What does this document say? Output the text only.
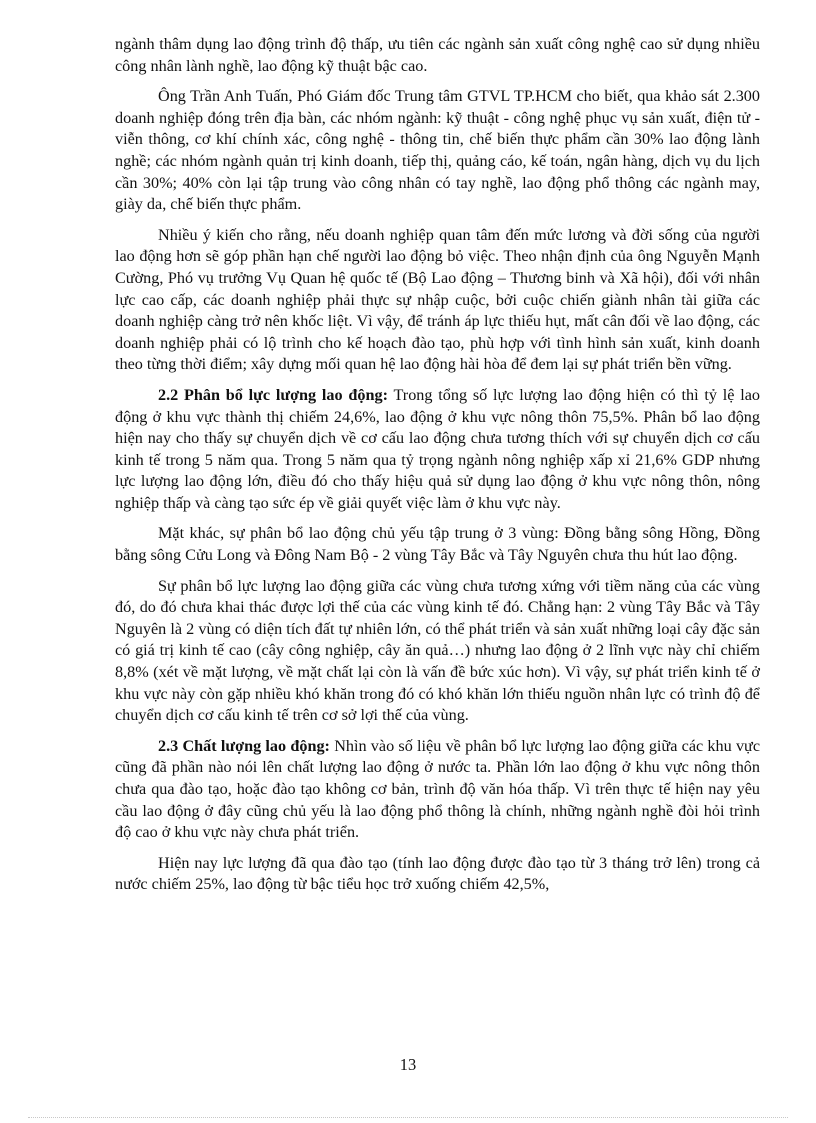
ngành thâm dụng lao động trình độ thấp, ưu tiên các ngành sản xuất công nghệ cao sử dụng nhiều công nhân lành nghề, lao động kỹ thuật bậc cao.

Ông Trần Anh Tuấn, Phó Giám đốc Trung tâm GTVL TP.HCM cho biết, qua khảo sát 2.300 doanh nghiệp đóng trên địa bàn, các nhóm ngành: kỹ thuật - công nghệ phục vụ sản xuất, điện tử - viễn thông, cơ khí chính xác, công nghệ - thông tin, chế biến thực phẩm cần 30% lao động lành nghề; các nhóm ngành quản trị kinh doanh, tiếp thị, quảng cáo, kế toán, ngân hàng, dịch vụ du lịch cần 30%; 40% còn lại tập trung vào công nhân có tay nghề, lao động phổ thông các ngành may, giày da, chế biến thực phẩm.

Nhiều ý kiến cho rằng, nếu doanh nghiệp quan tâm đến mức lương và đời sống của người lao động hơn sẽ góp phần hạn chế người lao động bỏ việc. Theo nhận định của ông Nguyễn Mạnh Cường, Phó vụ trưởng Vụ Quan hệ quốc tế (Bộ Lao động – Thương binh và Xã hội), đối với nhân lực cao cấp, các doanh nghiệp phải thực sự nhập cuộc, bởi cuộc chiến giành nhân tài giữa các doanh nghiệp càng trở nên khốc liệt. Vì vậy, để tránh áp lực thiếu hụt, mất cân đối về lao động, các doanh nghiệp phải có lộ trình cho kế hoạch đào tạo, phù hợp với tình hình sản xuất, kinh doanh theo từng thời điểm; xây dựng mối quan hệ lao động hài hòa để đem lại sự phát triển bền vững.

2.2 Phân bổ lực lượng lao động: Trong tổng số lực lượng lao động hiện có thì tỷ lệ lao động ở khu vực thành thị chiếm 24,6%, lao động ở khu vực nông thôn 75,5%. Phân bổ lao động hiện nay cho thấy sự chuyển dịch về cơ cấu lao động chưa tương thích với sự chuyển dịch cơ cấu kinh tế trong 5 năm qua. Trong 5 năm qua tỷ trọng ngành nông nghiệp xấp xỉ 21,6% GDP nhưng lực lượng lao động lớn, điều đó cho thấy hiệu quả sử dụng lao động ở khu vực nông thôn, nông nghiệp thấp và càng tạo sức ép về giải quyết việc làm ở khu vực này.

Mặt khác, sự phân bổ lao động chủ yếu tập trung ở 3 vùng: Đồng bằng sông Hồng, Đồng bằng sông Cửu Long và Đông Nam Bộ - 2 vùng Tây Bắc và Tây Nguyên chưa thu hút lao động.

Sự phân bổ lực lượng lao động giữa các vùng chưa tương xứng với tiềm năng của các vùng đó, do đó chưa khai thác được lợi thế của các vùng kinh tế đó. Chẳng hạn: 2 vùng Tây Bắc và Tây Nguyên là 2 vùng có diện tích đất tự nhiên lớn, có thể phát triển và sản xuất những loại cây đặc sản có giá trị kinh tế cao (cây công nghiệp, cây ăn quả…) nhưng lao động ở 2 lĩnh vực này chỉ chiếm 8,8% (xét về mặt lượng, về mặt chất lại còn là vấn đề bức xúc hơn). Vì vậy, sự phát triển kinh tế ở khu vực này còn gặp nhiều khó khăn trong đó có khó khăn lớn thiếu nguồn nhân lực có trình độ để chuyển dịch cơ cấu kinh tế trên cơ sở lợi thế của vùng.

2.3 Chất lượng lao động: Nhìn vào số liệu về phân bổ lực lượng lao động giữa các khu vực cũng đã phần nào nói lên chất lượng lao động ở nước ta. Phần lớn lao động ở khu vực nông thôn chưa qua đào tạo, hoặc đào tạo không cơ bản, trình độ văn hóa thấp. Vì trên thực tế hiện nay yêu cầu lao động ở đây cũng chủ yếu là lao động phổ thông là chính, những ngành nghề đòi hỏi trình độ cao ở khu vực này chưa phát triển.

Hiện nay lực lượng đã qua đào tạo (tính lao động được đào tạo từ 3 tháng trở lên) trong cả nước chiếm 25%, lao động từ bậc tiểu học trở xuống chiếm 42,5%,

13
